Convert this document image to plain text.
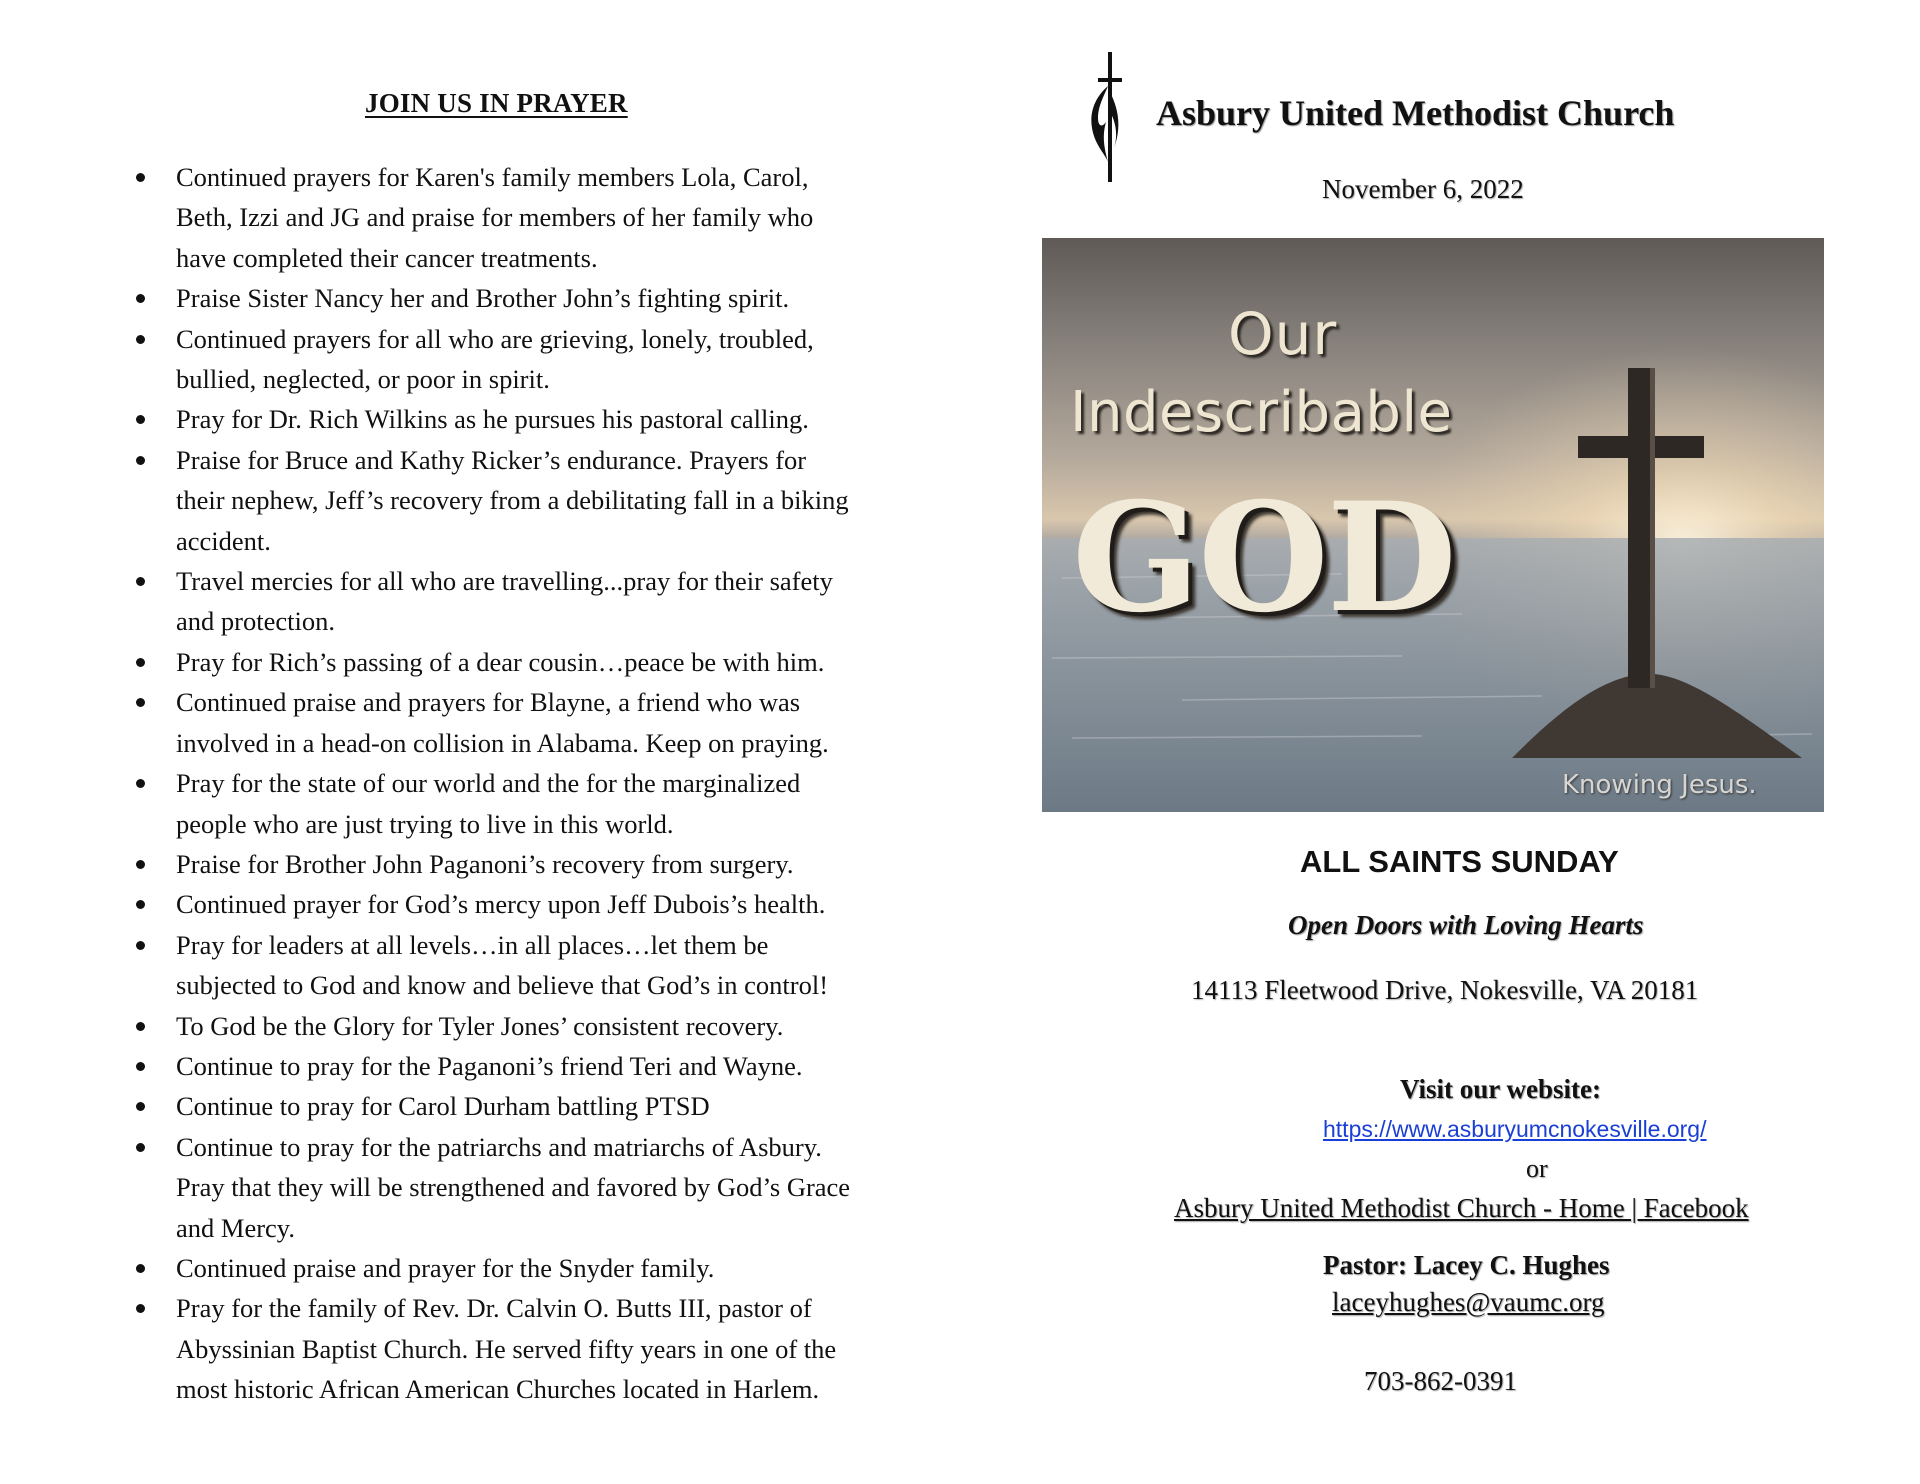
JOIN US IN PRAYER
Continued prayers for Karen's family members Lola, Carol,
Beth, Izzi and JG and praise for members of her family who
have completed their cancer treatments.
Praise Sister Nancy her and Brother John’s fighting spirit.
Continued prayers for all who are grieving, lonely, troubled,
bullied, neglected, or poor in spirit.
Pray for Dr. Rich Wilkins as he pursues his pastoral calling.
Praise for Bruce and Kathy Ricker’s endurance. Prayers for
their nephew, Jeff’s recovery from a debilitating fall in a biking
accident.
Travel mercies for all who are travelling...pray for their safety
and protection.
Pray for Rich’s passing of a dear cousin…peace be with him.
Continued praise and prayers for Blayne, a friend who was
involved in a head-on collision in Alabama. Keep on praying.
Pray for the state of our world and the for the marginalized
people who are just trying to live in this world.
Praise for Brother John Paganoni’s recovery from surgery.
Continued prayer for God’s mercy upon Jeff Dubois’s health.
Pray for leaders at all levels…in all places…let them be
subjected to God and know and believe that God’s in control!
To God be the Glory for Tyler Jones’ consistent recovery.
Continue to pray for the Paganoni’s friend Teri and Wayne.
Continue to pray for Carol Durham battling PTSD
Continue to pray for the patriarchs and matriarchs of Asbury.
Pray that they will be strengthened and favored by God’s Grace
and Mercy.
Continued praise and prayer for the Snyder family.
Pray for the family of Rev. Dr. Calvin O. Butts III, pastor of
Abyssinian Baptist Church. He served fifty years in one of the
most historic African American Churches located in Harlem.
Asbury United Methodist Church
November 6, 2022
Our
Indescribable
GOD
Knowing Jesus.
ALL SAINTS SUNDAY
Open Doors with Loving Hearts
14113 Fleetwood Drive, Nokesville, VA 20181
Visit our website:
https://www.asburyumcnokesville.org/
or
Asbury United Methodist Church - Home | Facebook
Pastor: Lacey C. Hughes
laceyhughes@vaumc.org
703-862-0391
